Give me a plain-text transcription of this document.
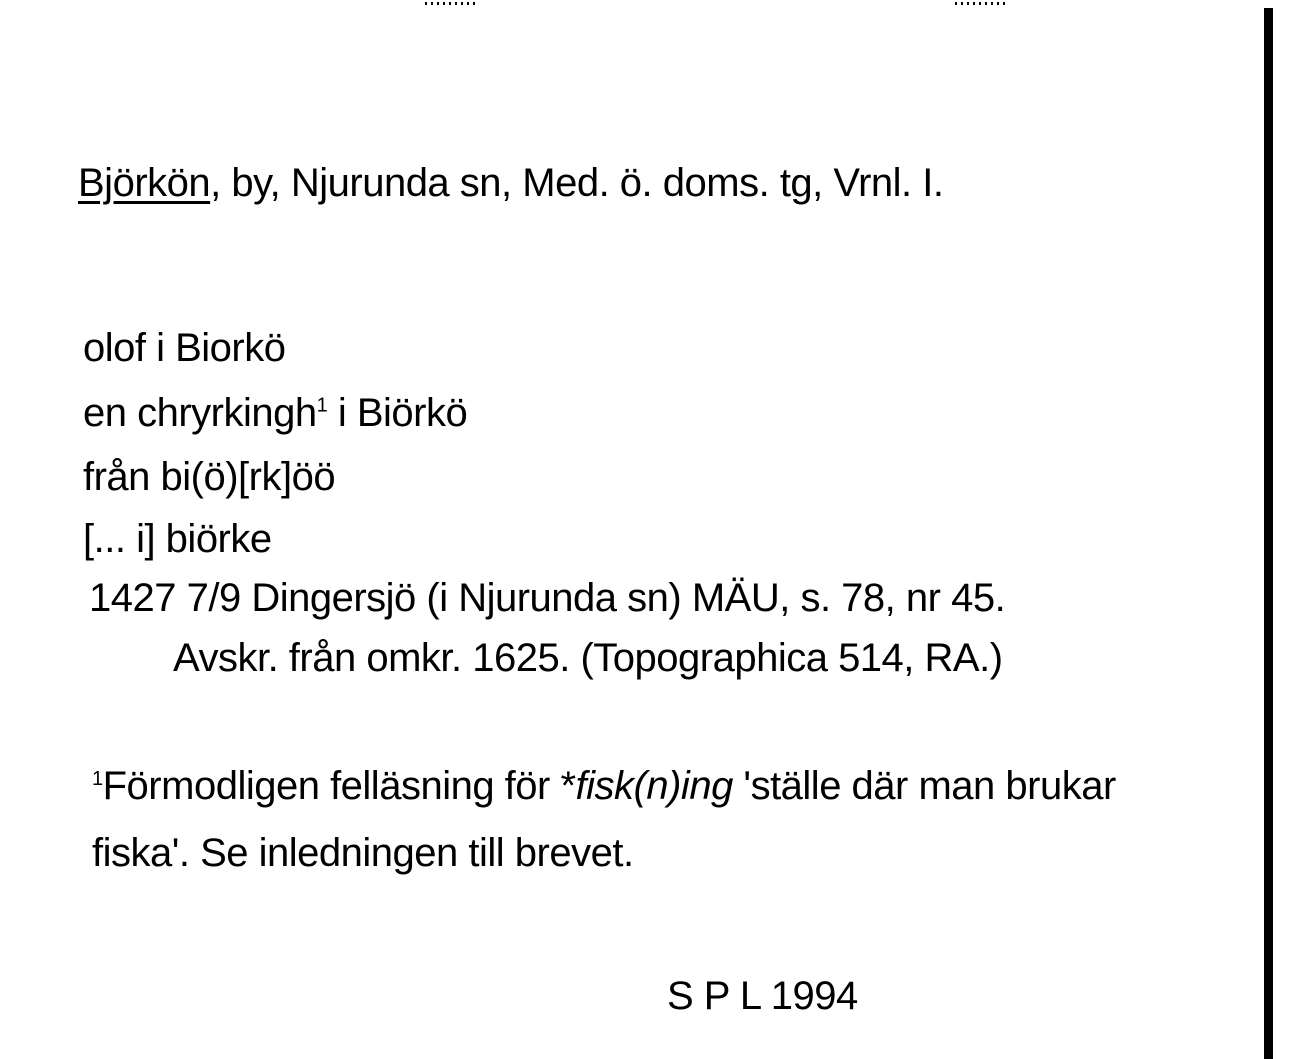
Björkön, by, Njurunda sn, Med. ö. doms. tg, Vrnl. I.
olof i Biorkö
en chryrkingh$^1$ i Biörkö
från bi(ö)[rk]öö
[... i] biörke
1427 7/9 Dingersjö (i Njurunda sn) MÄU, s. 78, nr 45.
Avskr. från omkr. 1625. (Topographica 514, RA.)
$^1$Förmodligen felläsning för *fisk(n)ing 'ställe där man brukar
fiska'. Se inledningen till brevet.
S P L 1994
